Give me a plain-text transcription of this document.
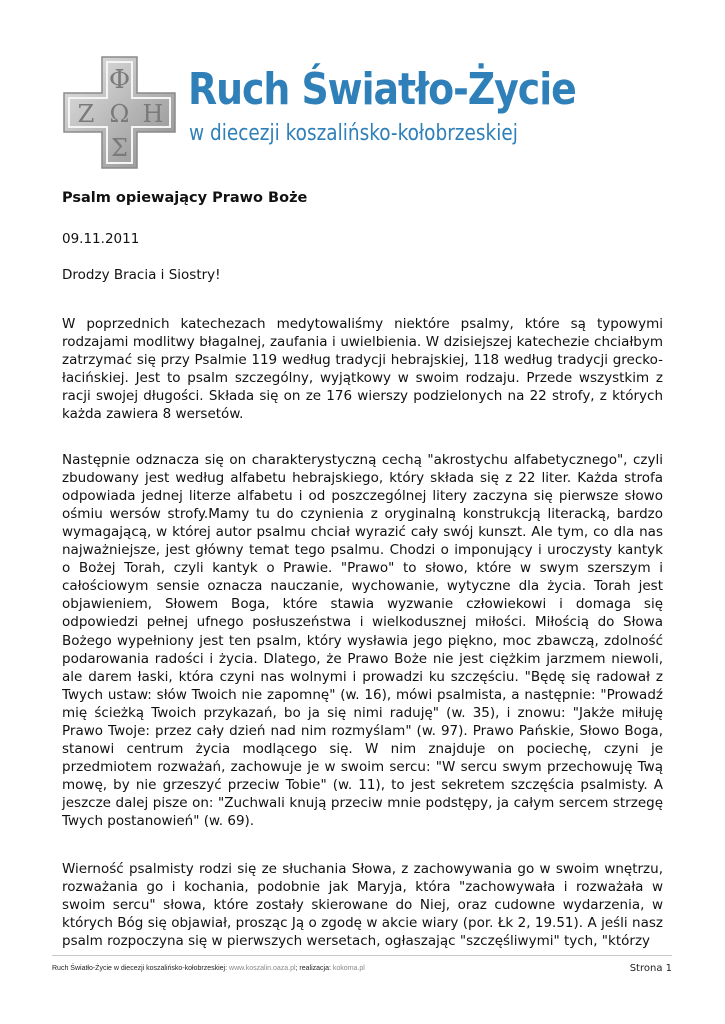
Φ
Ζ Ω Η
Σ
Ruch Światło-Życie
w diecezji koszalińsko-kołobrzeskiej
Psalm opiewający Prawo Boże

09.11.2011

Drodzy Bracia i Siostry!

W poprzednich katechezach medytowaliśmy niektóre psalmy, które są typowymi rodzajami modlitwy błagalnej, zaufania i uwielbienia. W dzisiejszej katechezie chciałbym zatrzymać się przy Psalmie 119 według tradycji hebrajskiej, 118 według tradycji grecko-łacińskiej. Jest to psalm szczególny, wyjątkowy w swoim rodzaju. Przede wszystkim z racji swojej długości. Składa się on ze 176 wierszy podzielonych na 22 strofy, z których każda zawiera 8 wersetów.

Następnie odznacza się on charakterystyczną cechą "akrostychu alfabetycznego", czyli zbudowany jest według alfabetu hebrajskiego, który składa się z 22 liter. Każda strofa odpowiada jednej literze alfabetu i od poszczególnej litery zaczyna się pierwsze słowo ośmiu wersów strofy.Mamy tu do czynienia z oryginalną konstrukcją literacką, bardzo wymagającą, w której autor psalmu chciał wyrazić cały swój kunszt. Ale tym, co dla nas najważniejsze, jest główny temat tego psalmu. Chodzi o imponujący i uroczysty kantyk o Bożej Torah, czyli kantyk o Prawie. "Prawo" to słowo, które w swym szerszym i całościowym sensie oznacza nauczanie, wychowanie, wytyczne dla życia. Torah jest objawieniem, Słowem Boga, które stawia wyzwanie człowiekowi i domaga się odpowiedzi pełnej ufnego posłuszeństwa i wielkodusznej miłości. Miłością do Słowa Bożego wypełniony jest ten psalm, który wysławia jego piękno, moc zbawczą, zdolność podarowania radości i życia. Dlatego, że Prawo Boże nie jest ciężkim jarzmem niewoli, ale darem łaski, która czyni nas wolnymi i prowadzi ku szczęściu. "Będę się radował z Twych ustaw: słów Twoich nie zapomnę" (w. 16), mówi psalmista, a następnie: "Prowadź mię ścieżką Twoich przykazań, bo ja się nimi raduję" (w. 35), i znowu: "Jakże miłuję Prawo Twoje: przez cały dzień nad nim rozmyślam" (w. 97). Prawo Pańskie, Słowo Boga, stanowi centrum życia modlącego się. W nim znajduje on pociechę, czyni je przedmiotem rozważań, zachowuje je w swoim sercu: "W sercu swym przechowuję Twą mowę, by nie grzeszyć przeciw Tobie" (w. 11), to jest sekretem szczęścia psalmisty. A jeszcze dalej pisze on: "Zuchwali knują przeciw mnie podstępy, ja całym sercem strzegę Twych postanowień" (w. 69).

Wierność psalmisty rodzi się ze słuchania Słowa, z zachowywania go w swoim wnętrzu, rozważania go i kochania, podobnie jak Maryja, która "zachowywała i rozważała w swoim sercu" słowa, które zostały skierowane do Niej, oraz cudowne wydarzenia, w których Bóg się objawiał, prosząc Ją o zgodę w akcie wiary (por. Łk 2, 19.51). A jeśli nasz psalm rozpoczyna się w pierwszych wersetach, ogłaszając "szczęśliwymi" tych, "którzy

Ruch Światło-Życie w diecezji koszalińsko-kołobrzeskiej: www.koszalin.oaza.pl; realizacja: kokoma.pl	Strona 1
